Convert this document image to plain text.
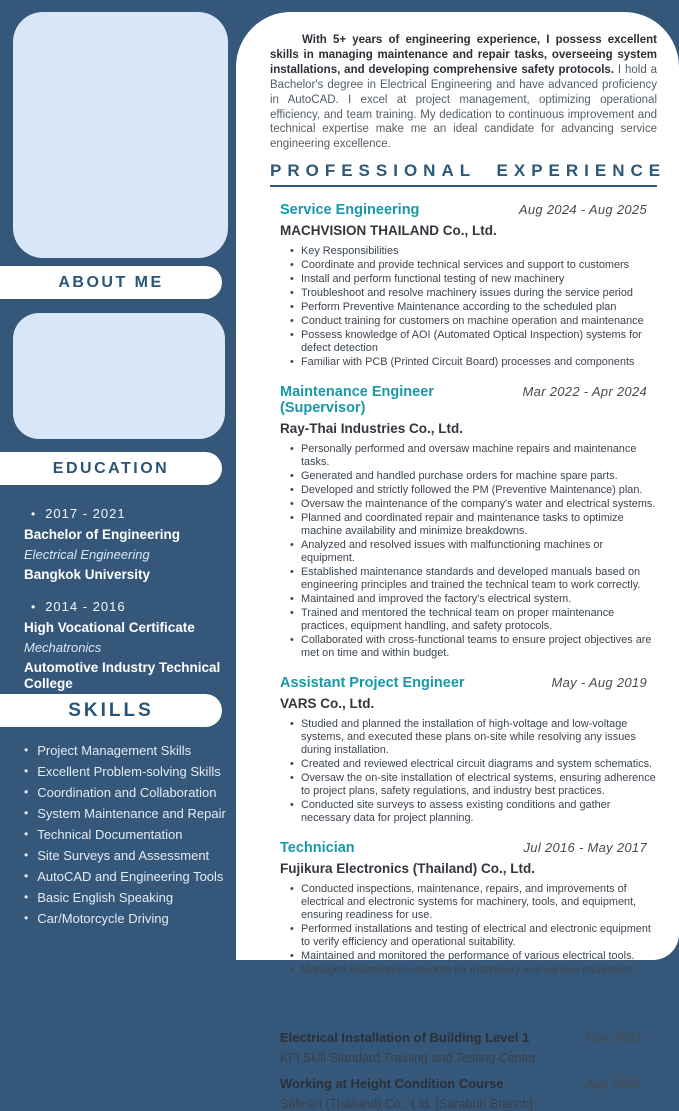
ABOUT ME
EDUCATION
• 2017 - 2021
Bachelor of Engineering
Electrical Engineering
Bangkok University
• 2014 - 2016
High Vocational Certificate
Mechatronics
Automotive Industry Technical College
SKILLS
• Project Management Skills
• Excellent Problem-solving Skills
• Coordination and Collaboration
• System Maintenance and Repair
• Technical Documentation
• Site Surveys and Assessment
• AutoCAD and Engineering Tools
• Basic English Speaking
• Car/Motorcycle Driving

With 5+ years of engineering experience, I possess excellent skills in managing maintenance and repair tasks, overseeing system installations, and developing comprehensive safety protocols. I hold a Bachelor's degree in Electrical Engineering and have advanced proficiency in AutoCAD. I excel at project management, optimizing operational efficiency, and team training. My dedication to continuous improvement and technical expertise make me an ideal candidate for advancing service engineering excellence.

PROFESSIONAL EXPERIENCE
Service Engineering	Aug 2024 - Aug 2025
MACHVISION THAILAND Co., Ltd.
• Key Responsibilities
• Coordinate and provide technical services and support to customers
• Install and perform functional testing of new machinery
• Troubleshoot and resolve machinery issues during the service period
• Perform Preventive Maintenance according to the scheduled plan
• Conduct training for customers on machine operation and maintenance
• Possess knowledge of AOI (Automated Optical Inspection) systems for defect detection
• Familiar with PCB (Printed Circuit Board) processes and components
Maintenance Engineer (Supervisor)
Mar 2022 - Apr 2024
Ray-Thai Industries Co., Ltd.
• Personally performed and oversaw machine repairs and maintenance tasks.
• Generated and handled purchase orders for machine spare parts.
• Developed and strictly followed the PM (Preventive Maintenance) plan.
• Oversaw the maintenance of the company's water and electrical systems.
• Planned and coordinated repair and maintenance tasks to optimize machine availability and minimize breakdowns.
• Analyzed and resolved issues with malfunctioning machines or equipment.
• Established maintenance standards and developed manuals based on engineering principles and trained the technical team to work correctly.
• Maintained and improved the factory's electrical system.
• Trained and mentored the technical team on proper maintenance practices, equipment handling, and safety protocols.
• Collaborated with cross-functional teams to ensure project objectives are met on time and within budget.
Assistant Project Engineer	May - Aug 2019
VARS Co., Ltd.
• Studied and planned the installation of high-voltage and low-voltage systems, and executed these plans on-site while resolving any issues during installation.
• Created and reviewed electrical circuit diagrams and system schematics.
• Oversaw the on-site installation of electrical systems, ensuring adherence to project plans, safety regulations, and industry best practices.
• Conducted site surveys to assess existing conditions and gather necessary data for project planning.
Technician	Jul 2016 - May 2017
Fujikura Electronics (Thailand) Co., Ltd.
• Conducted inspections, maintenance, repairs, and improvements of electrical and electronic systems for machinery, tools, and equipment, ensuring readiness for use.
• Performed installations and testing of electrical and electronic equipment to verify efficiency and operational suitability.
• Maintained and monitored the performance of various electrical tools.
• Managed maintenance records for machinery and various equipment.
TRAINING COURSES
Electrical Installation of Building Level 1	Nov 2023
KFI Skill Standard Training and Testing Center
Working at Height Condition Course	Aug 2022
Safesiri (Thailand) Co., Ltd. [Saraburi Branch]
